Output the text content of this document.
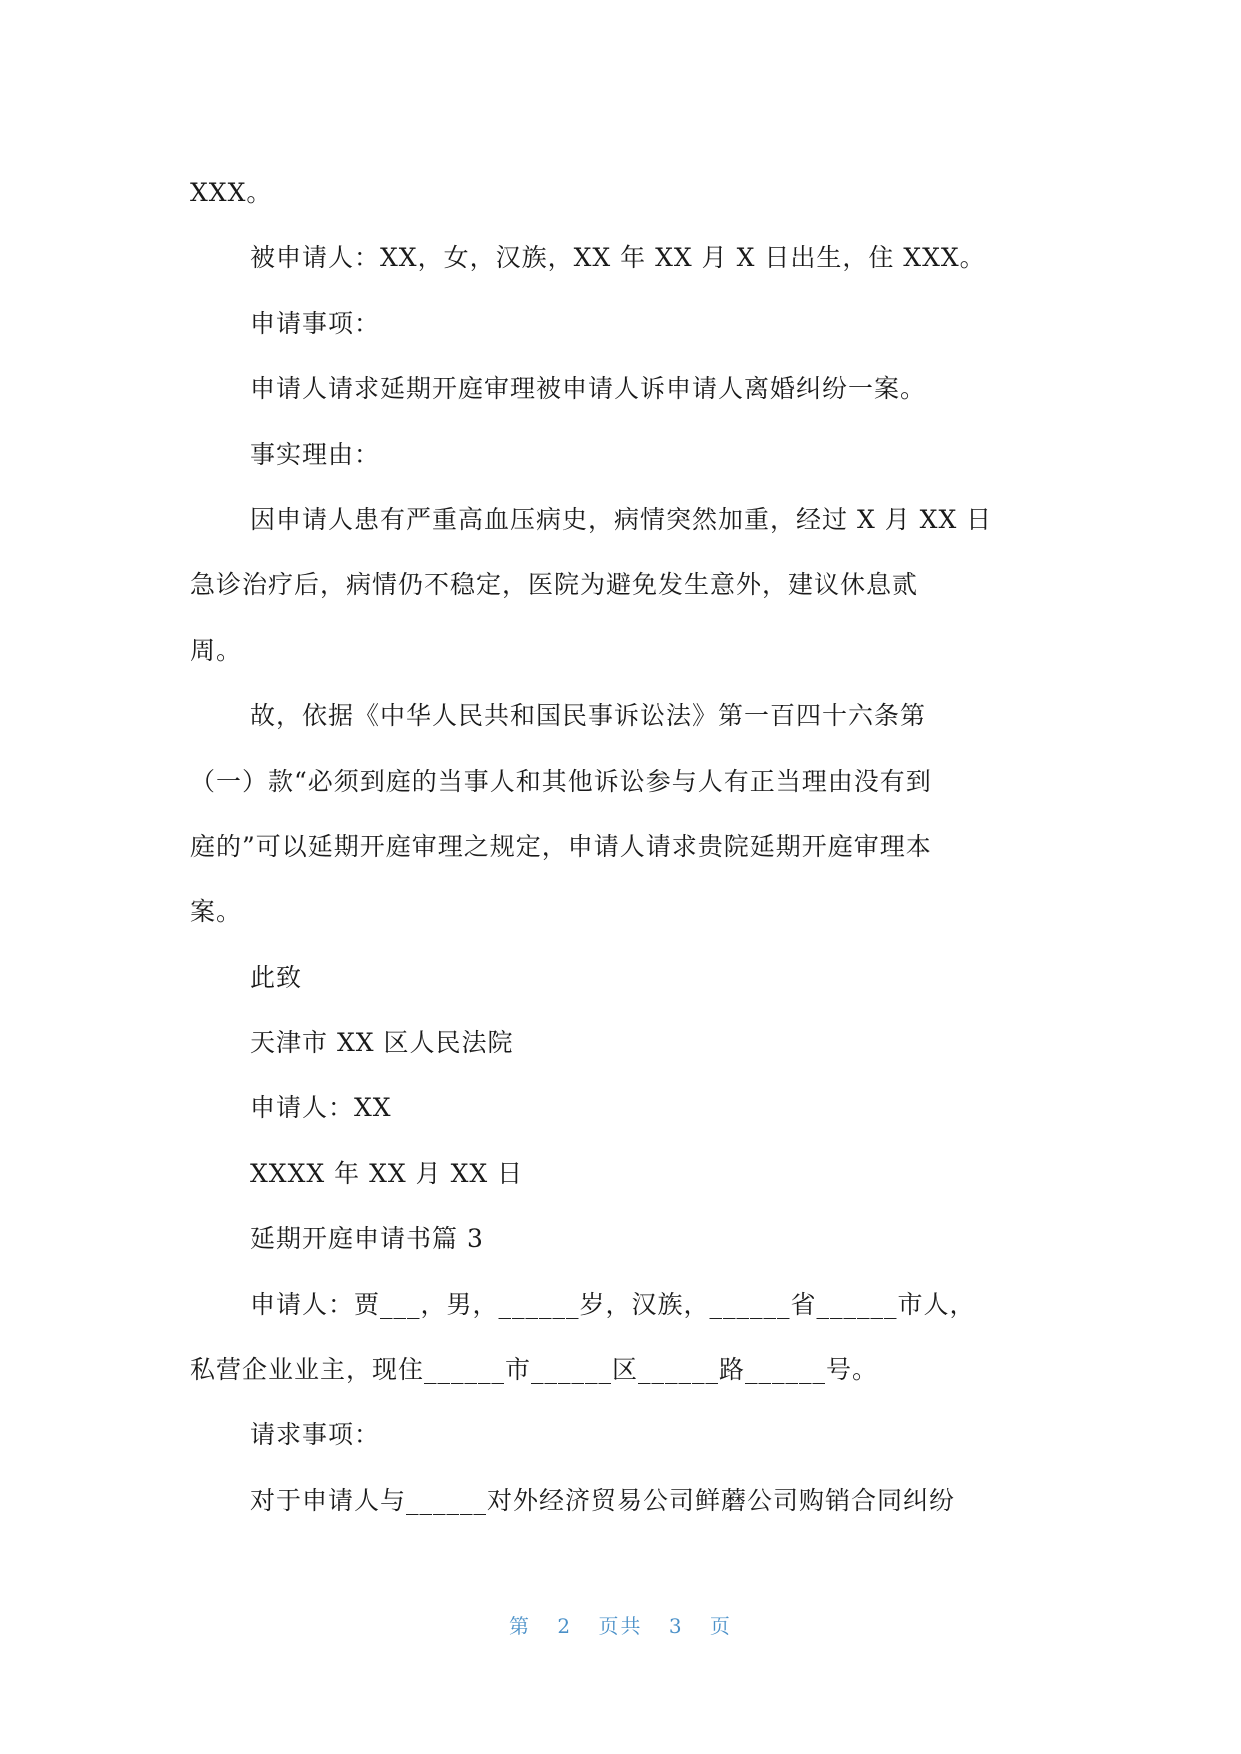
XXX。

被申请人：XX，女，汉族，XX 年 XX 月 X 日出生，住 XXX。

申请事项：

申请人请求延期开庭审理被申请人诉申请人离婚纠纷一案。

事实理由：

因申请人患有严重高血压病史，病情突然加重，经过 X 月 XX 日

急诊治疗后，病情仍不稳定，医院为避免发生意外，建议休息贰

周。

故，依据《中华人民共和国民事诉讼法》第一百四十六条第

（一）款“必须到庭的当事人和其他诉讼参与人有正当理由没有到

庭的”可以延期开庭审理之规定，申请人请求贵院延期开庭审理本

案。

此致

天津市 XX 区人民法院

申请人：XX

XXXX 年 XX 月 XX 日

延期开庭申请书篇 3

申请人：贾___，男，______岁，汉族，______省______市人，

私营企业业主，现住______市______区______路______号。

请求事项：

对于申请人与______对外经济贸易公司鲜蘑公司购销合同纠纷

第 2 页共 3 页
